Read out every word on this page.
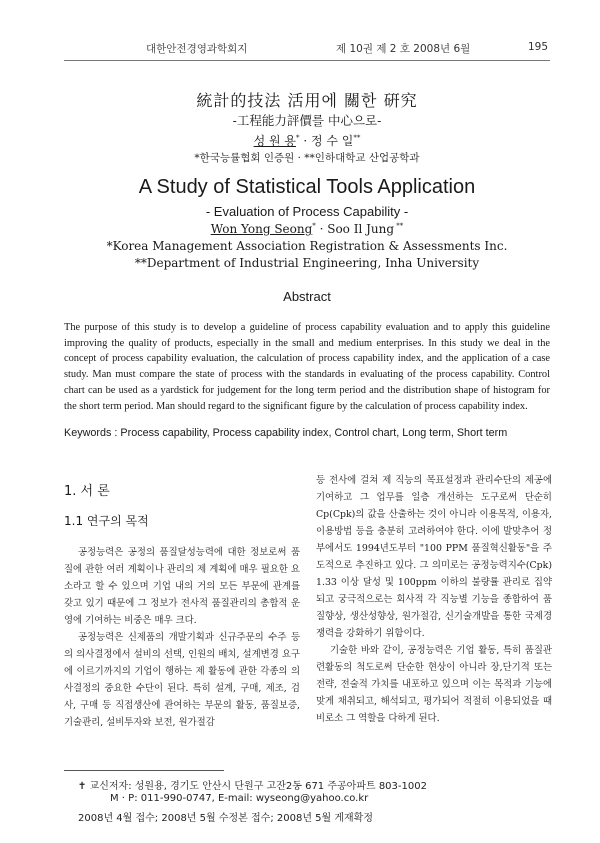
대한안전경영과학회지	제 10권 제 2 호 2008년 6월	195
統計的技法 活用에 關한 硏究
-工程能力評價를 中心으로-
성 원 용* · 정 수 일**
*한국능률협회 인증원 · **인하대학교 산업공학과
A Study of Statistical Tools Application
- Evaluation of Process Capability -
Won Yong Seong* · Soo Il Jung **
*Korea Management Association Registration & Assessments Inc.
**Department of Industrial Engineering, Inha University
Abstract
The purpose of this study is to develop a guideline of process capability evaluation and to apply this guideline improving the quality of products, especially in the small and medium enterprises. In this study we deal in the concept of process capability evaluation, the calculation of process capability index, and the application of a case study. Man must compare the state of process with the standards in evaluating of the process capability. Control chart can be used as a yardstick for judgement for the long term period and the distribution shape of histogram for the short term period. Man should regard to the significant figure by the calculation of process capability index.
Keywords : Process capability, Process capability index, Control chart, Long term, Short term
1. 서 론
1.1 연구의 목적

공정능력은 공정의 품질달성능력에 대한 정보로써 품질에 관한 여러 계획이나 관리의 제 계획에 매우 필요한 요소라고 할 수 있으며 기업 내의 거의 모든 부문에 관계를 갖고 있기 때문에 그 정보가 전사적 품질관리의 총합적 운영에 기여하는 비중은 매우 크다.

공정능력은 신제품의 개발기획과 신규주문의 수주 등의 의사결정에서 설비의 선택, 인원의 배치, 설계변경 요구에 이르기까지의 기업이 행하는 제 활동에 관한 각종의 의사결정의 중요한 수단이 된다. 특히 설계, 구매, 제조, 검사, 구매 등 직접생산에 관여하는 부문의 활동, 품질보증, 기술관리, 설비투자와 보전, 원가절감

등 전사에 걸쳐 제 직능의 목표설정과 관리수단의 제공에 기여하고 그 업무를 일층 개선하는 도구로써 단순히 Cp(Cpk)의 값을 산출하는 것이 아니라 이용목적, 이용자, 이용방법 등을 충분히 고려하여야 한다. 이에 발맞추어 정부에서도 1994년도부터 "100 PPM 품질혁신활동"을 주도적으로 추진하고 있다. 그 의미로는 공정능력지수(Cpk) 1.33 이상 달성 및 100ppm 이하의 불량률 관리로 집약되고 궁극적으로는 회사적 각 직능별 기능을 종합하여 품질향상, 생산성향상, 원가절감, 신기술개발을 통한 국제경쟁력을 강화하기 위함이다.

기술한 바와 같이, 공정능력은 기업 활동, 특히 품질관련활동의 척도로써 단순한 현상이 아니라 장,단기적 또는 전략, 전술적 가치를 내포하고 있으며 이는 목적과 기능에 맞게 채취되고, 해석되고, 평가되어 적절히 이용되었을 때 비로소 그 역할을 다하게 된다.

✝ 교신저자: 성원용, 경기도 안산시 단원구 고잔2동 671 주공아파트 803-1002
M · P: 011-990-0747, E-mail: wyseong@yahoo.co.kr
2008년 4월 접수; 2008년 5월 수정본 접수; 2008년 5월 게재확정
